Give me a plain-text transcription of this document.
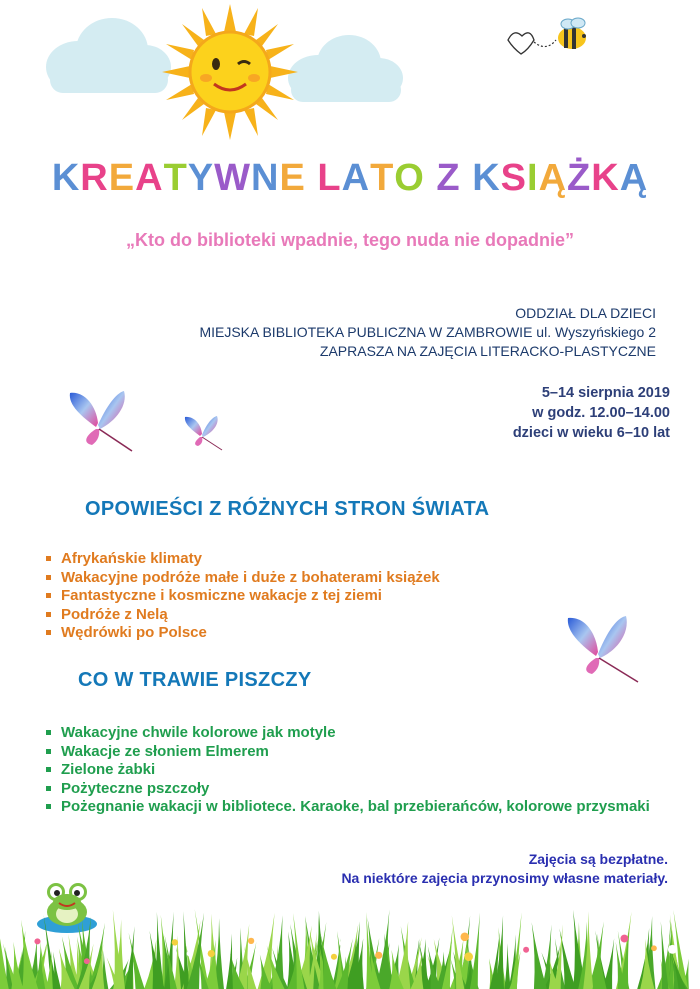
KREATYWNE LATO Z KSIĄŻKĄ
„Kto do biblioteki wpadnie, tego nuda nie dopadnie”
ODDZIAŁ DLA DZIECI
MIEJSKA BIBLIOTEKA PUBLICZNA W ZAMBROWIE ul. Wyszyńskiego 2
ZAPRASZA NA ZAJĘCIA LITERACKO-PLASTYCZNE
5–14 sierpnia 2019
w godz. 12.00–14.00
dzieci w wieku 6–10 lat
OPOWIEŚCI Z RÓŻNYCH STRON ŚWIATA
Afrykańskie klimaty
Wakacyjne podróże małe i duże z bohaterami książek
Fantastyczne i kosmiczne wakacje z tej ziemi
Podróże z Nelą
Wędrówki po Polsce
CO W TRAWIE PISZCZY
Wakacyjne chwile kolorowe jak motyle
Wakacje ze słoniem Elmerem
Zielone żabki
Pożyteczne pszczoły
Pożegnanie wakacji w bibliotece. Karaoke, bal przebierańców, kolorowe przysmaki
Zajęcia są bezpłatne.
Na niektóre zajęcia przynosimy własne materiały.
